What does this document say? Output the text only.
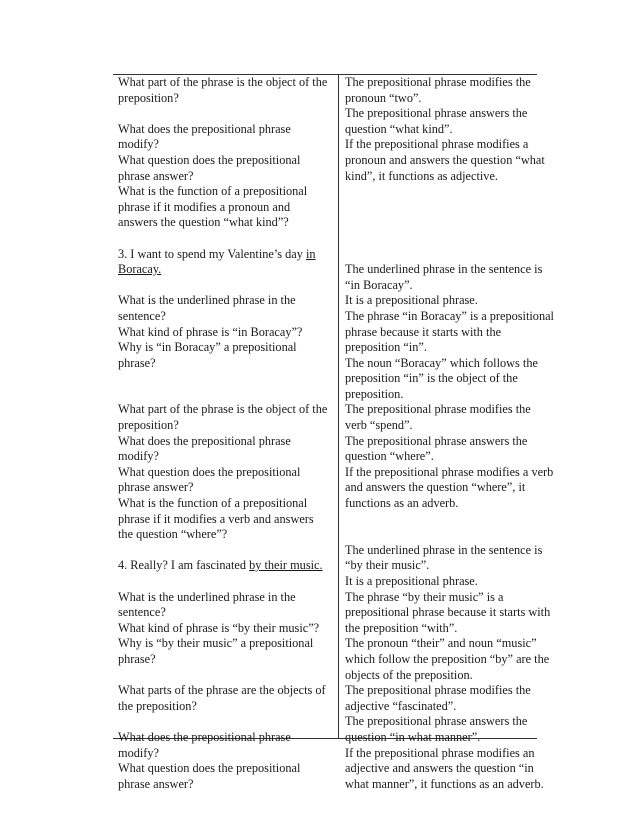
What part of the phrase is the object of the
preposition?
What does the prepositional phrase
modify?
What question does the prepositional
phrase answer?
What is the function of a prepositional
phrase if it modifies a pronoun and
answers the question “what kind”?
3. I want to spend my Valentine’s day in
Boracay.
What is the underlined phrase in the
sentence?
What kind of phrase is “in Boracay”?
Why is “in Boracay” a prepositional
phrase?
What part of the phrase is the object of the
preposition?
What does the prepositional phrase
modify?
What question does the prepositional
phrase answer?
What is the function of a prepositional
phrase if it modifies a verb and answers
the question “where”?
4. Really? I am fascinated by their music.
What is the underlined phrase in the
sentence?
What kind of phrase is “by their music”?
Why is “by their music” a prepositional
phrase?
What parts of the phrase are the objects of
the preposition?
What does the prepositional phrase
modify?
What question does the prepositional
phrase answer?
The prepositional phrase modifies the
pronoun “two”.
The prepositional phrase answers the
question “what kind”.
If the prepositional phrase modifies a
pronoun and answers the question “what
kind”, it functions as adjective.
The underlined phrase in the sentence is
“in Boracay”.
It is a prepositional phrase.
The phrase “in Boracay” is a prepositional
phrase because it starts with the
preposition “in”.
The noun “Boracay” which follows the
preposition “in” is the object of the
preposition.
The prepositional phrase modifies the
verb “spend”.
The prepositional phrase answers the
question “where”.
If the prepositional phrase modifies a verb
and answers the question “where”, it
functions as an adverb.
The underlined phrase in the sentence is
“by their music”.
It is a prepositional phrase.
The phrase “by their music” is a
prepositional phrase because it starts with
the preposition “with”.
The pronoun “their” and noun “music”
which follow the preposition “by” are the
objects of the preposition.
The prepositional phrase modifies the
adjective “fascinated”.
The prepositional phrase answers the
question “in what manner”.
If the prepositional phrase modifies an
adjective and answers the question “in
what manner”, it functions as an adverb.
